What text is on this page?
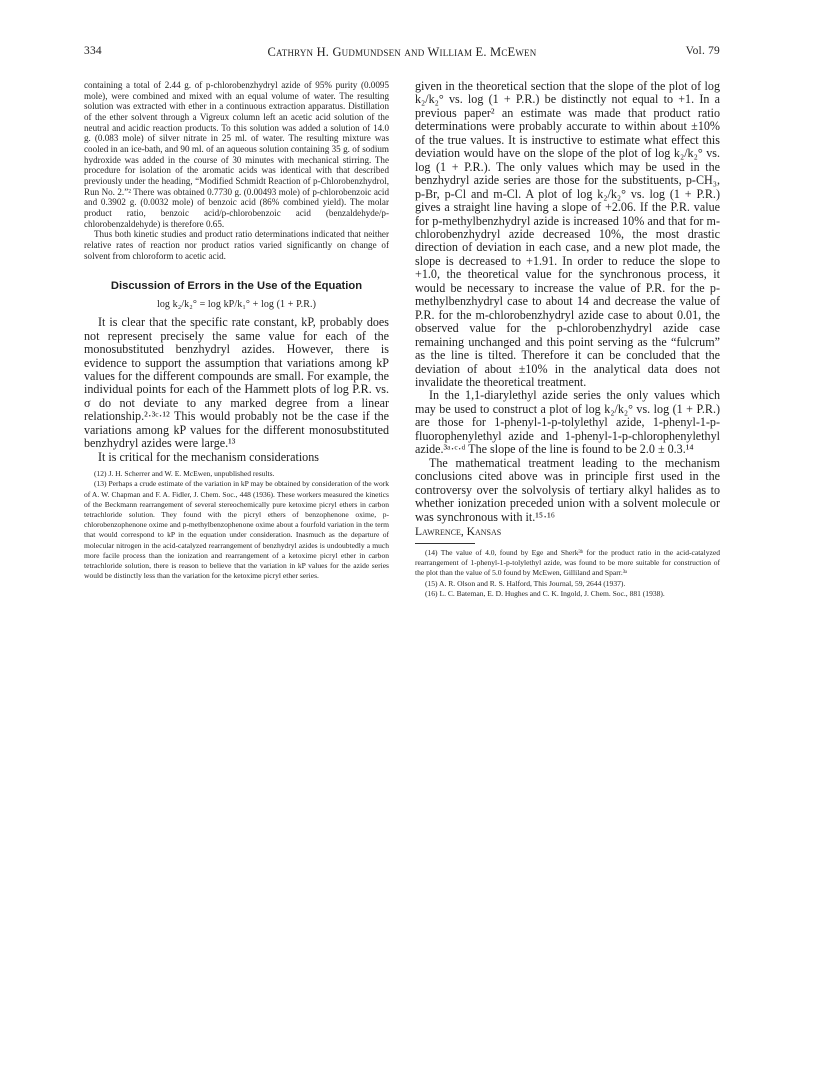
334	Cathryn H. Gudmundsen and William E. McEwen	Vol. 79

containing a total of 2.44 g. of p-chlorobenzhydryl azide of 95% purity (0.0095 mole), were combined and mixed with an equal volume of water. The resulting solution was extracted with ether in a continuous extraction apparatus. Distillation of the ether solvent through a Vigreux column left an acetic acid solution of the neutral and acidic reaction products. To this solution was added a solution of 14.0 g. (0.083 mole) of silver nitrate in 25 ml. of water. The resulting mixture was cooled in an ice-bath, and 90 ml. of an aqueous solution containing 35 g. of sodium hydroxide was added in the course of 30 minutes with mechanical stirring. The procedure for isolation of the aromatic acids was identical with that described previously under the heading, “Modified Schmidt Reaction of p-Chlorobenzhydrol, Run No. 2.”² There was obtained 0.7730 g. (0.00493 mole) of p-chlorobenzoic acid and 0.3902 g. (0.0032 mole) of benzoic acid (86% combined yield). The molar product ratio, benzoic acid/p-chlorobenzoic acid (benzaldehyde/p-chlorobenzaldehyde) is therefore 0.65.

Thus both kinetic studies and product ratio determinations indicated that neither relative rates of reaction nor product ratios varied significantly on change of solvent from chloroform to acetic acid.

Discussion of Errors in the Use of the Equation
log k₂/k₂° = log kP/k₁° + log (1 + P.R.)

It is clear that the specific rate constant, kP, probably does not represent precisely the same value for each of the monosubstituted benzhydryl azides. However, there is evidence to support the assumption that variations among kP values for the different compounds are small. For example, the individual points for each of the Hammett plots of log P.R. vs. σ do not deviate to any marked degree from a linear relationship.²·³ᶜ·¹² This would probably not be the case if the variations among kP values for the different monosubstituted benzhydryl azides were large.¹³

It is critical for the mechanism considerations

(12) J. H. Scherrer and W. E. McEwen, unpublished results.

(13) Perhaps a crude estimate of the variation in kP may be obtained by consideration of the work of A. W. Chapman and F. A. Fidler, J. Chem. Soc., 448 (1936). These workers measured the kinetics of the Beckmann rearrangement of several stereochemically pure ketoxime picryl ethers in carbon tetrachloride solution. They found with the picryl ethers of benzophenone oxime, p-chlorobenzophenone oxime and p-methylbenzophenone oxime about a fourfold variation in the term that would correspond to kP in the equation under consideration. Inasmuch as the departure of molecular nitrogen in the acid-catalyzed rearrangement of benzhydryl azides is undoubtedly a much more facile process than the ionization and rearrangement of a ketoxime picryl ether in carbon tetrachloride solution, there is reason to believe that the variation in kP values for the azide series would be distinctly less than the variation for the ketoxime picryl ether series.

given in the theoretical section that the slope of the plot of log k₂/k₂° vs. log (1 + P.R.) be distinctly not equal to +1. In a previous paper² an estimate was made that product ratio determinations were probably accurate to within about ±10% of the true values. It is instructive to estimate what effect this deviation would have on the slope of the plot of log k₂/k₂° vs. log (1 + P.R.). The only values which may be used in the benzhydryl azide series are those for the substituents, p-CH₃, p-Br, p-Cl and m-Cl. A plot of log k₂/k₂° vs. log (1 + P.R.) gives a straight line having a slope of +2.06. If the P.R. value for p-methylbenzhydryl azide is increased 10% and that for m-chlorobenzhydryl azide decreased 10%, the most drastic direction of deviation in each case, and a new plot made, the slope is decreased to +1.91. In order to reduce the slope to +1.0, the theoretical value for the synchronous process, it would be necessary to increase the value of P.R. for the p-methylbenzhydryl case to about 14 and decrease the value of P.R. for the m-chlorobenzhydryl azide case to about 0.01, the observed value for the p-chlorobenzhydryl azide case remaining unchanged and this point serving as the “fulcrum” as the line is tilted. Therefore it can be concluded that the deviation of about ±10% in the analytical data does not invalidate the theoretical treatment.

In the 1,1-diarylethyl azide series the only values which may be used to construct a plot of log k₂/k₂° vs. log (1 + P.R.) are those for 1-phenyl-1-p-tolylethyl azide, 1-phenyl-1-p-fluorophenylethyl azide and 1-phenyl-1-p-chlorophenylethyl azide.³ᵃ·ᶜ·ᵈ The slope of the line is found to be 2.0 ± 0.3.¹⁴

The mathematical treatment leading to the mechanism conclusions cited above was in principle first used in the controversy over the solvolysis of tertiary alkyl halides as to whether ionization preceded union with a solvent molecule or was synchronous with it.¹⁵·¹⁶

Lawrence, Kansas

(14) The value of 4.0, found by Ege and Sherk³ᵇ for the product ratio in the acid-catalyzed rearrangement of 1-phenyl-1-p-tolylethyl azide, was found to be more suitable for construction of the plot than the value of 5.0 found by McEwen, Gilliland and Sparr.³ᵃ

(15) A. R. Olson and R. S. Halford, This Journal, 59, 2644 (1937).

(16) L. C. Bateman, E. D. Hughes and C. K. Ingold, J. Chem. Soc., 881 (1938).
